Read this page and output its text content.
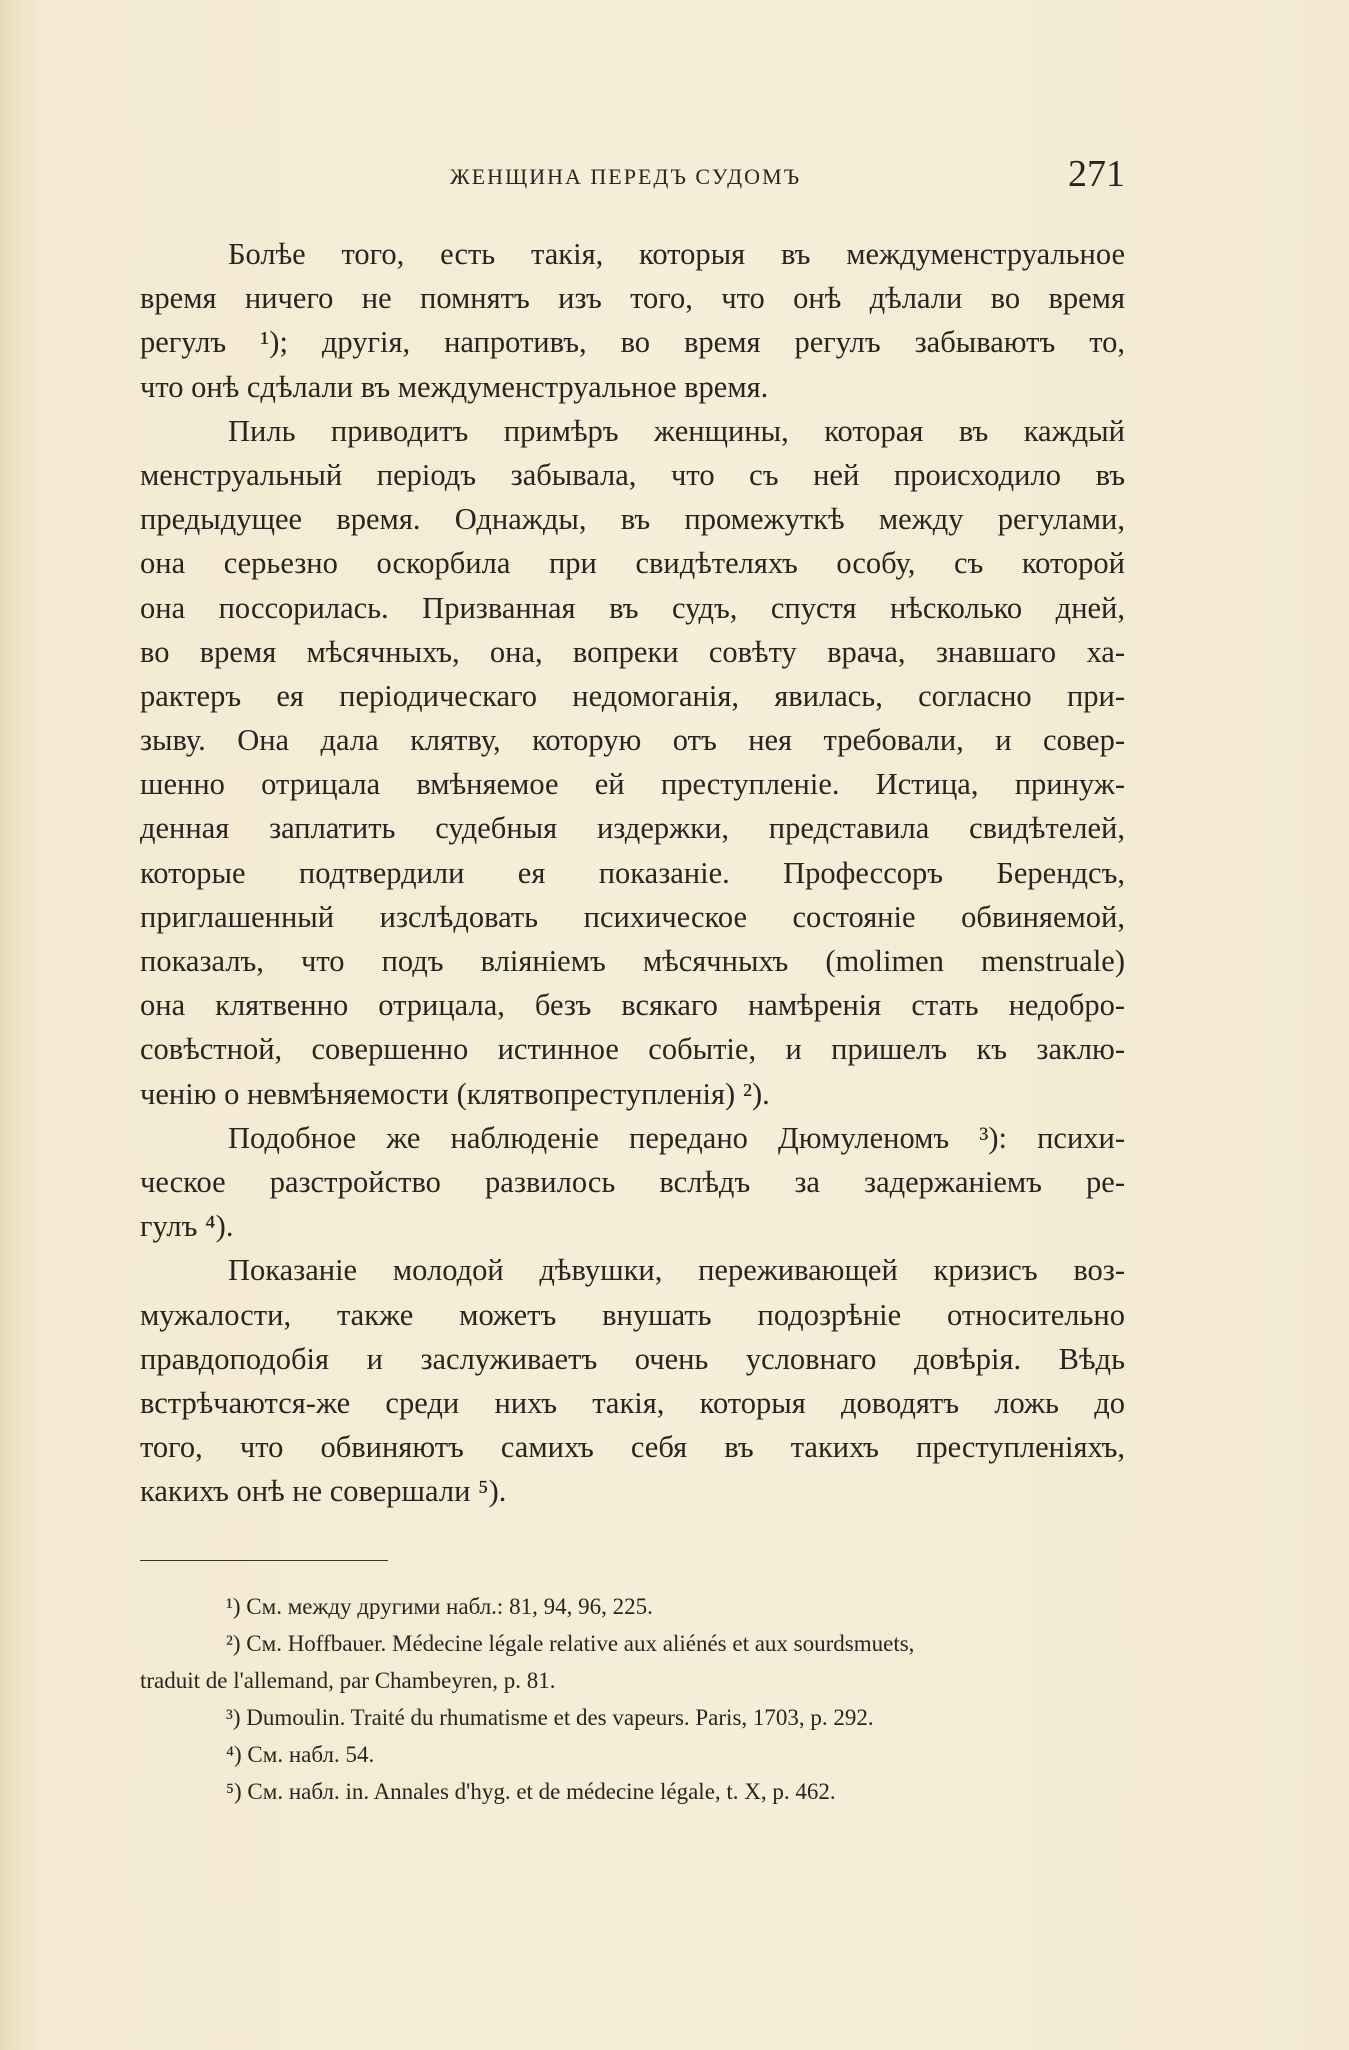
ЖЕНЩИНА ПЕРЕДЪ СУДОМЪ	271
Болѣе того, есть такія, которыя въ междуменструальное
время ничего не помнятъ изъ того, что онѣ дѣлали во время
регулъ ¹); другія, напротивъ, во время регулъ забываютъ то,
что онѣ сдѣлали въ междуменструальное время.
Пиль приводитъ примѣръ женщины, которая въ каждый
менструальный періодъ забывала, что съ ней происходило въ
предыдущее время. Однажды, въ промежуткѣ между регулами,
она серьезно оскорбила при свидѣтеляхъ особу, съ которой
она поссорилась. Призванная въ судъ, спустя нѣсколько дней,
во время мѣсячныхъ, она, вопреки совѣту врача, знавшаго ха-
рактеръ ея періодическаго недомоганія, явилась, согласно при-
зыву. Она дала клятву, которую отъ нея требовали, и совер-
шенно отрицала вмѣняемое ей преступленіе. Истица, принуж-
денная заплатить судебныя издержки, представила свидѣтелей,
которые подтвердили ея показаніе. Профессоръ Берендсъ,
приглашенный изслѣдовать психическое состояніе обвиняемой,
показалъ, что подъ вліяніемъ мѣсячныхъ (molimen menstruale)
она клятвенно отрицала, безъ всякаго намѣренія стать недобро-
совѣстной, совершенно истинное событіе, и пришелъ къ заклю-
ченію о невмѣняемости (клятвопреступленія) ²).
Подобное же наблюденіе передано Дюмуленомъ ³): психи-
ческое разстройство развилось вслѣдъ за задержаніемъ ре-
гулъ ⁴).
Показаніе молодой дѣвушки, переживающей кризисъ воз-
мужалости, также можетъ внушать подозрѣніе относительно
правдоподобія и заслуживаетъ очень условнаго довѣрія. Вѣдь
встрѣчаются-же среди нихъ такія, которыя доводятъ ложь до
того, что обвиняютъ самихъ себя въ такихъ преступленіяхъ,
какихъ онѣ не совершали ⁵).
¹) См. между другими набл.: 81, 94, 96, 225.
²) См. Hoffbauer. Médecine légale relative aux aliénés et aux sourdsmuets,
traduit de l'allemand, par Chambeyren, p. 81.
³) Dumoulin. Traité du rhumatisme et des vapeurs. Paris, 1703, p. 292.
⁴) См. набл. 54.
⁵) См. набл. in. Annales d'hyg. et de médecine légale, t. X, p. 462.
